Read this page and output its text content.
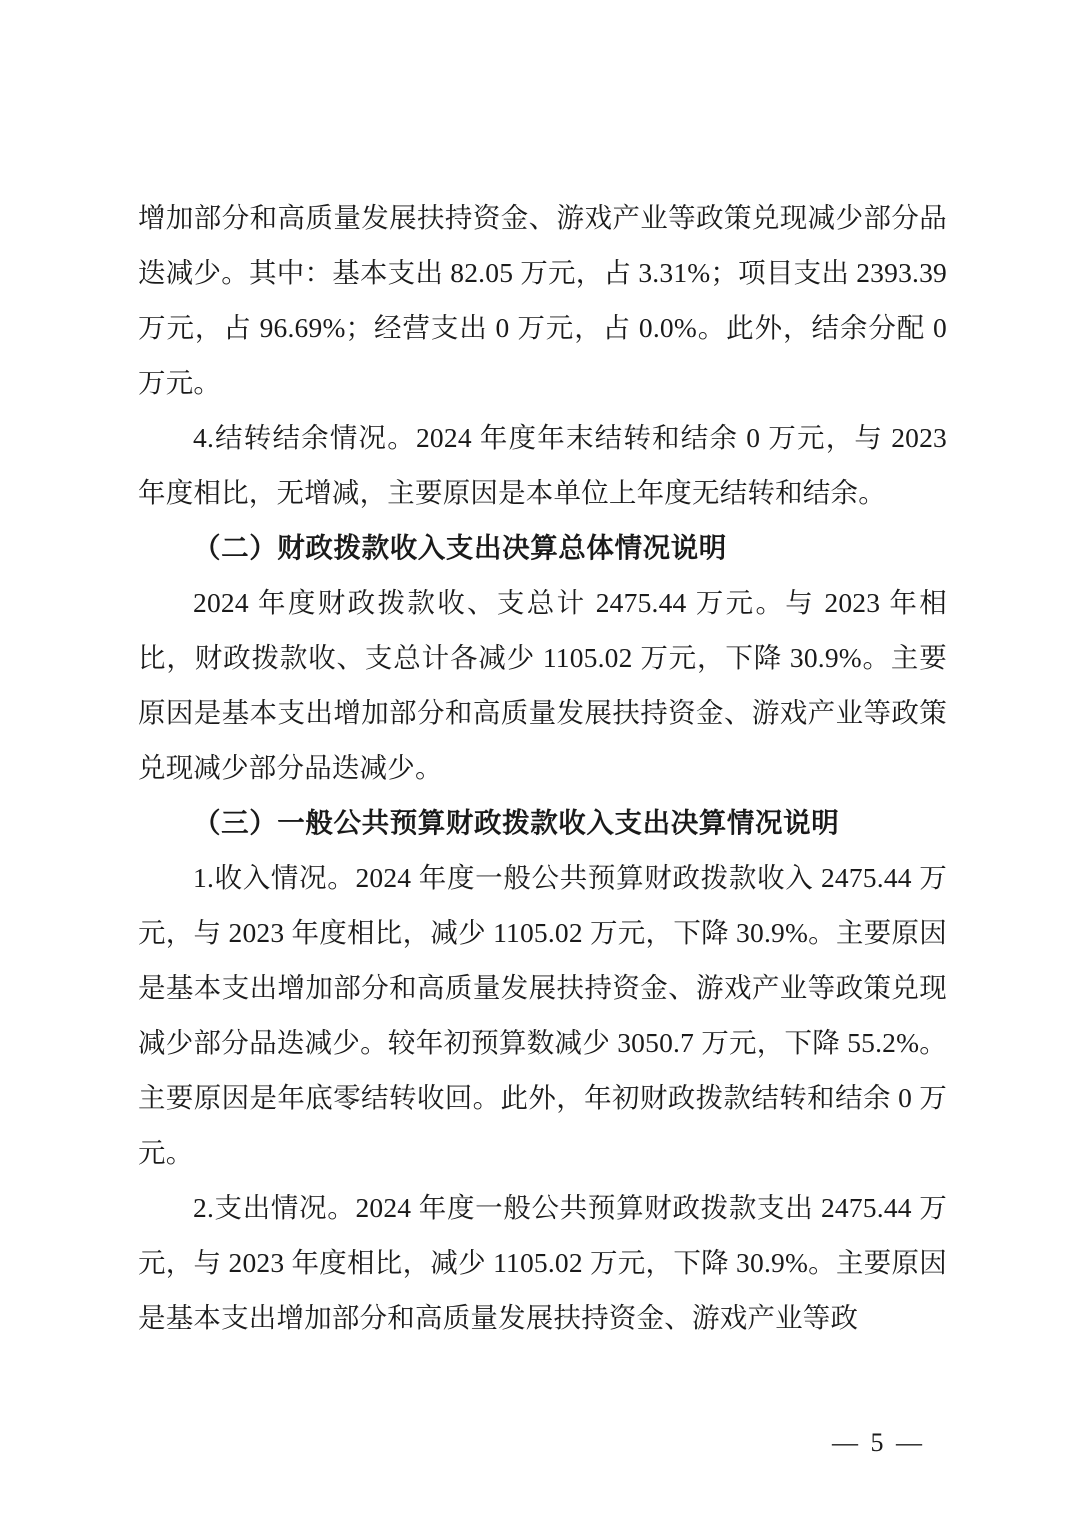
增加部分和高质量发展扶持资金、游戏产业等政策兑现减少部分品迭减少。其中：基本支出 82.05 万元，占 3.31%；项目支出 2393.39 万元，占 96.69%；经营支出 0 万元，占 0.0%。此外，结余分配 0 万元。

4.结转结余情况。2024 年度年末结转和结余 0 万元，与 2023 年度相比，无增减，主要原因是本单位上年度无结转和结余。

（二）财政拨款收入支出决算总体情况说明

2024 年度财政拨款收、支总计 2475.44 万元。与 2023 年相比，财政拨款收、支总计各减少 1105.02 万元，下降 30.9%。主要原因是基本支出增加部分和高质量发展扶持资金、游戏产业等政策兑现减少部分品迭减少。

（三）一般公共预算财政拨款收入支出决算情况说明

1.收入情况。2024 年度一般公共预算财政拨款收入 2475.44 万元，与 2023 年度相比，减少 1105.02 万元，下降 30.9%。主要原因是基本支出增加部分和高质量发展扶持资金、游戏产业等政策兑现减少部分品迭减少。较年初预算数减少 3050.7 万元，下降 55.2%。主要原因是年底零结转收回。此外，年初财政拨款结转和结余 0 万元。

2.支出情况。2024 年度一般公共预算财政拨款支出 2475.44 万元，与 2023 年度相比，减少 1105.02 万元，下降 30.9%。主要原因是基本支出增加部分和高质量发展扶持资金、游戏产业等政

— 5 —
